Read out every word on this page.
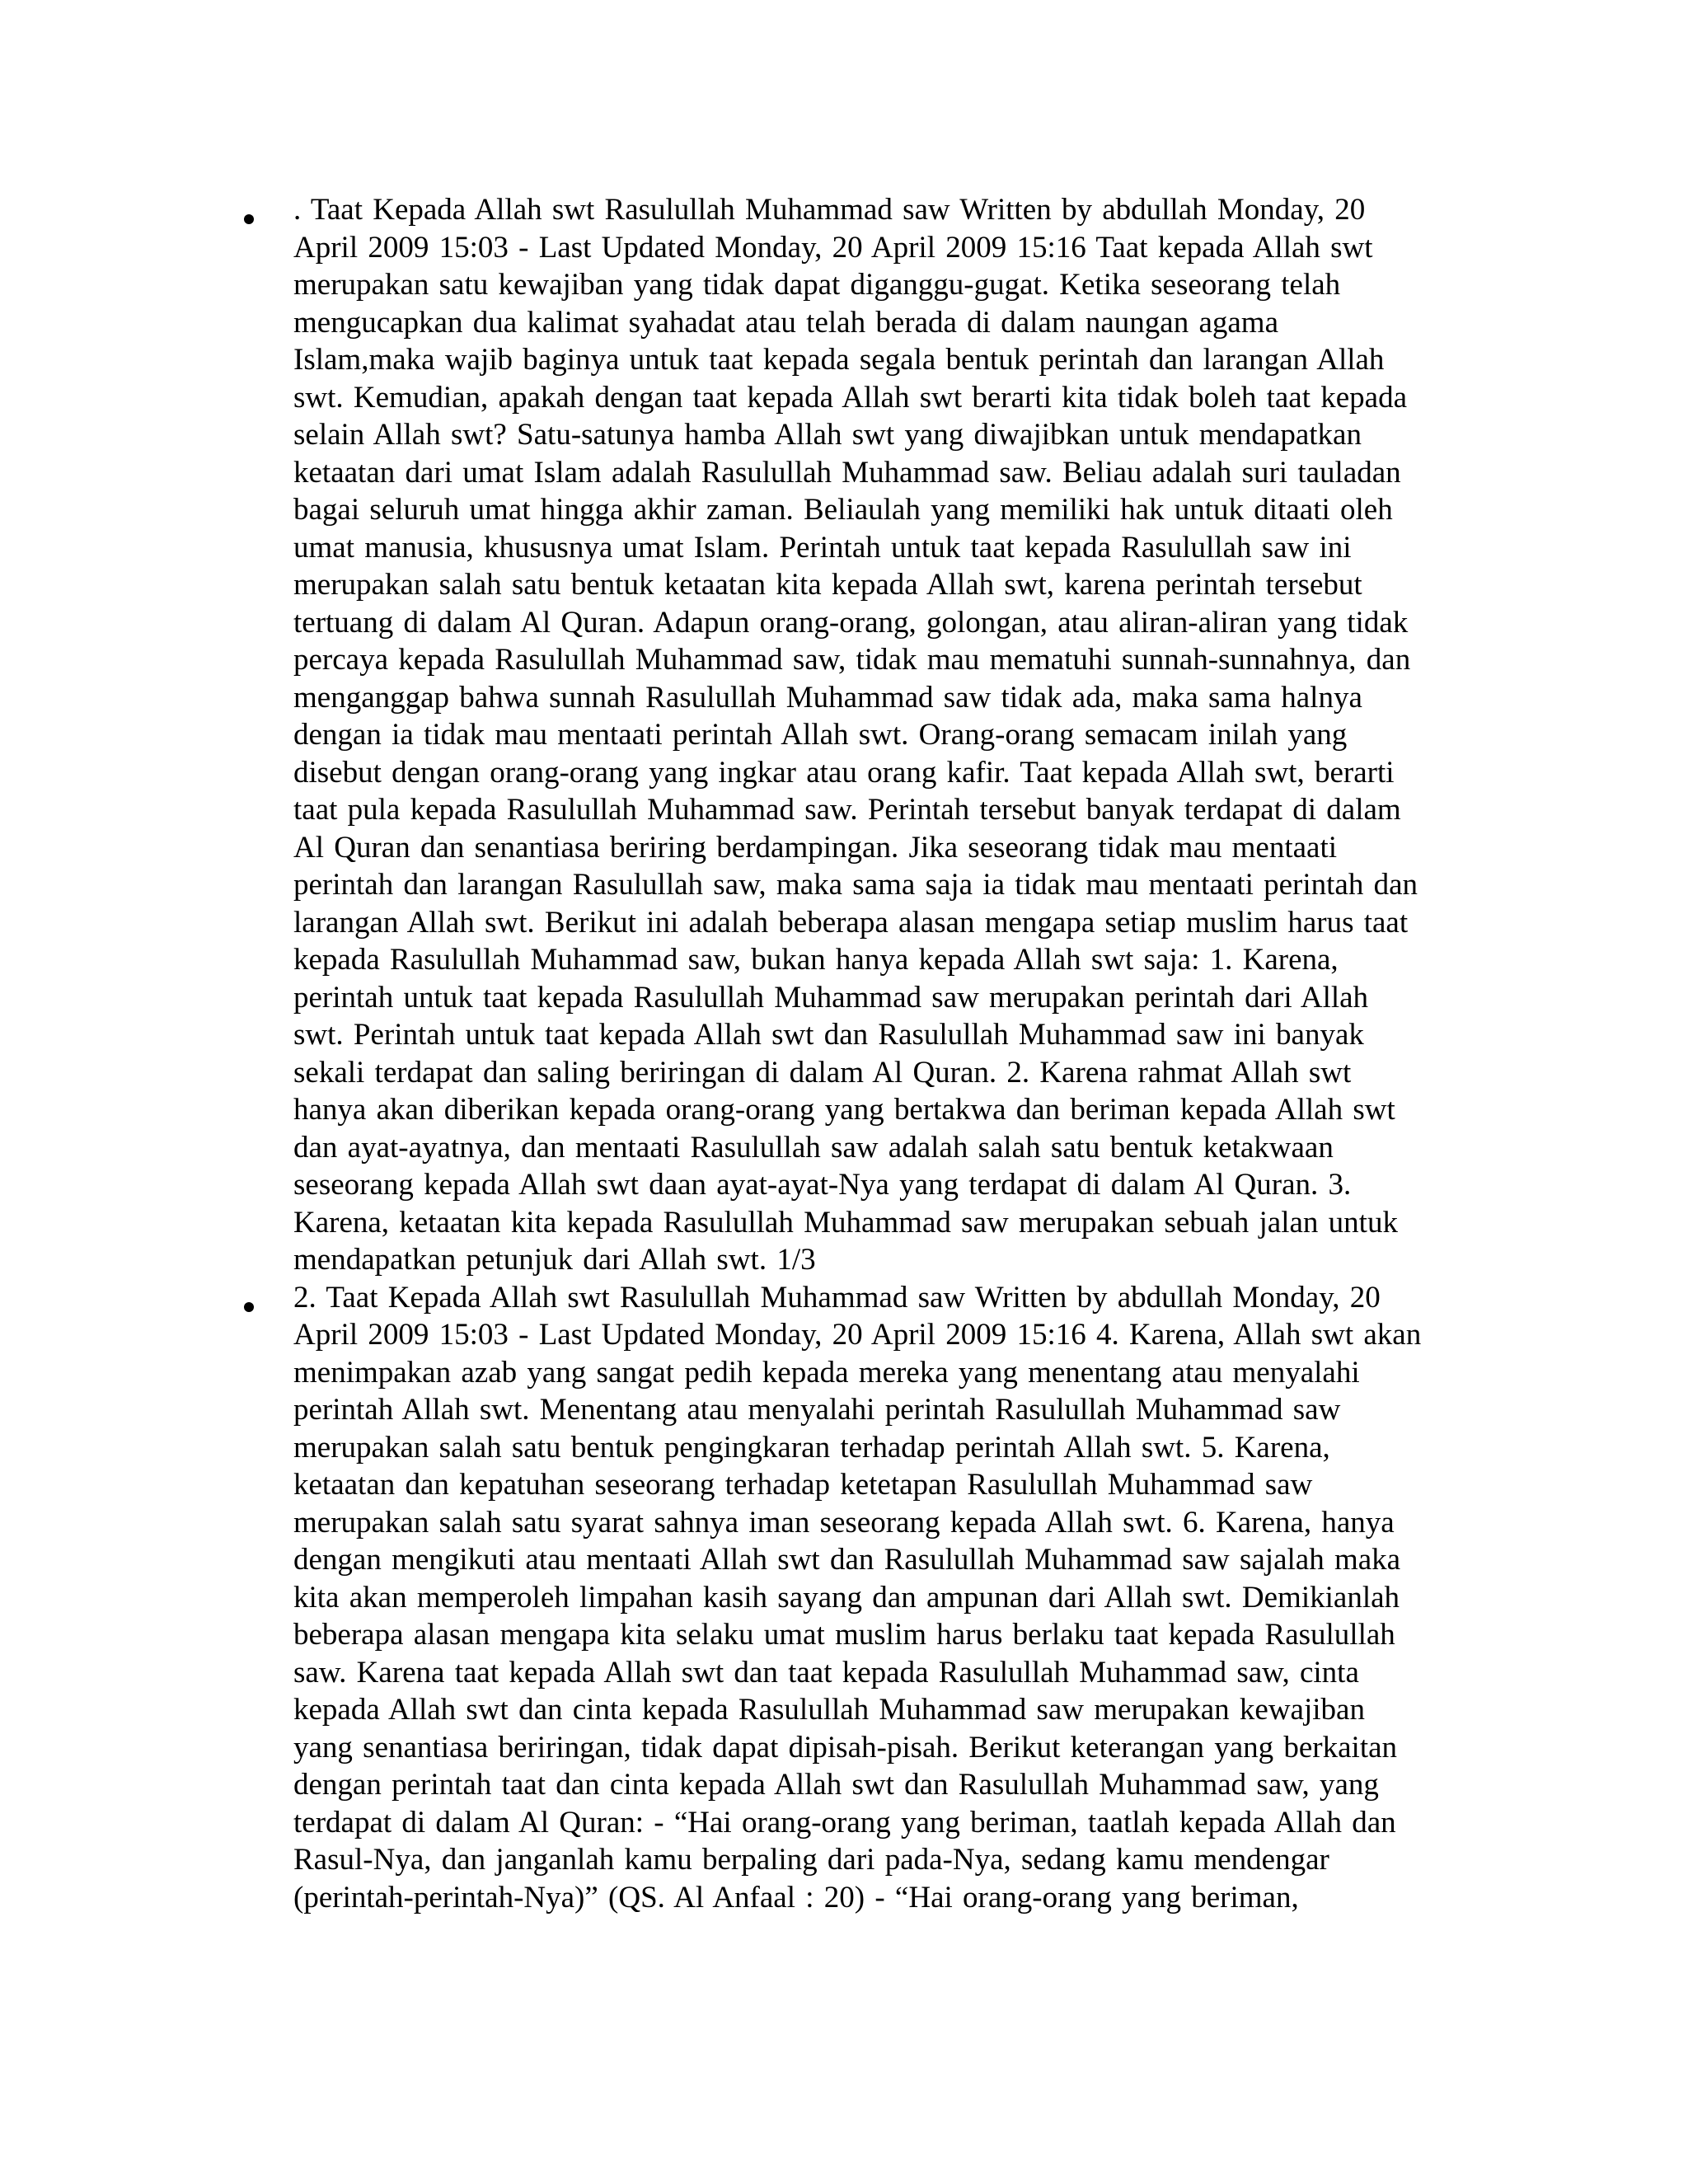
. Taat Kepada Allah swt Rasulullah Muhammad saw Written by abdullah Monday, 20
April 2009 15:03 - Last Updated Monday, 20 April 2009 15:16 Taat kepada Allah swt
merupakan satu kewajiban yang tidak dapat diganggu-gugat. Ketika seseorang telah
mengucapkan dua kalimat syahadat atau telah berada di dalam naungan agama
Islam,maka wajib baginya untuk taat kepada segala bentuk perintah dan larangan Allah
swt. Kemudian, apakah dengan taat kepada Allah swt berarti kita tidak boleh taat kepada
selain Allah swt? Satu-satunya hamba Allah swt yang diwajibkan untuk mendapatkan
ketaatan dari umat Islam adalah Rasulullah Muhammad saw. Beliau adalah suri tauladan
bagai seluruh umat hingga akhir zaman. Beliaulah yang memiliki hak untuk ditaati oleh
umat manusia, khususnya umat Islam. Perintah untuk taat kepada Rasulullah saw ini
merupakan salah satu bentuk ketaatan kita kepada Allah swt, karena perintah tersebut
tertuang di dalam Al Quran. Adapun orang-orang, golongan, atau aliran-aliran yang tidak
percaya kepada Rasulullah Muhammad saw, tidak mau mematuhi sunnah-sunnahnya, dan
menganggap bahwa sunnah Rasulullah Muhammad saw tidak ada, maka sama halnya
dengan ia tidak mau mentaati perintah Allah swt. Orang-orang semacam inilah yang
disebut dengan orang-orang yang ingkar atau orang kafir. Taat kepada Allah swt, berarti
taat pula kepada Rasulullah Muhammad saw. Perintah tersebut banyak terdapat di dalam
Al Quran dan senantiasa beriring berdampingan. Jika seseorang tidak mau mentaati
perintah dan larangan Rasulullah saw, maka sama saja ia tidak mau mentaati perintah dan
larangan Allah swt. Berikut ini adalah beberapa alasan mengapa setiap muslim harus taat
kepada Rasulullah Muhammad saw, bukan hanya kepada Allah swt saja: 1. Karena,
perintah untuk taat kepada Rasulullah Muhammad saw merupakan perintah dari Allah
swt. Perintah untuk taat kepada Allah swt dan Rasulullah Muhammad saw ini banyak
sekali terdapat dan saling beriringan di dalam Al Quran. 2. Karena rahmat Allah swt
hanya akan diberikan kepada orang-orang yang bertakwa dan beriman kepada Allah swt
dan ayat-ayatnya, dan mentaati Rasulullah saw adalah salah satu bentuk ketakwaan
seseorang kepada Allah swt daan ayat-ayat-Nya yang terdapat di dalam Al Quran. 3.
Karena, ketaatan kita kepada Rasulullah Muhammad saw merupakan sebuah jalan untuk
mendapatkan petunjuk dari Allah swt. 1/3
2. Taat Kepada Allah swt Rasulullah Muhammad saw Written by abdullah Monday, 20
April 2009 15:03 - Last Updated Monday, 20 April 2009 15:16 4. Karena, Allah swt akan
menimpakan azab yang sangat pedih kepada mereka yang menentang atau menyalahi
perintah Allah swt. Menentang atau menyalahi perintah Rasulullah Muhammad saw
merupakan salah satu bentuk pengingkaran terhadap perintah Allah swt. 5. Karena,
ketaatan dan kepatuhan seseorang terhadap ketetapan Rasulullah Muhammad saw
merupakan salah satu syarat sahnya iman seseorang kepada Allah swt. 6. Karena, hanya
dengan mengikuti atau mentaati Allah swt dan Rasulullah Muhammad saw sajalah maka
kita akan memperoleh limpahan kasih sayang dan ampunan dari Allah swt. Demikianlah
beberapa alasan mengapa kita selaku umat muslim harus berlaku taat kepada Rasulullah
saw. Karena taat kepada Allah swt dan taat kepada Rasulullah Muhammad saw, cinta
kepada Allah swt dan cinta kepada Rasulullah Muhammad saw merupakan kewajiban
yang senantiasa beriringan, tidak dapat dipisah-pisah. Berikut keterangan yang berkaitan
dengan perintah taat dan cinta kepada Allah swt dan Rasulullah Muhammad saw, yang
terdapat di dalam Al Quran: - “Hai orang-orang yang beriman, taatlah kepada Allah dan
Rasul-Nya, dan janganlah kamu berpaling dari pada-Nya, sedang kamu mendengar
(perintah-perintah-Nya)” (QS. Al Anfaal : 20) - “Hai orang-orang yang beriman,
